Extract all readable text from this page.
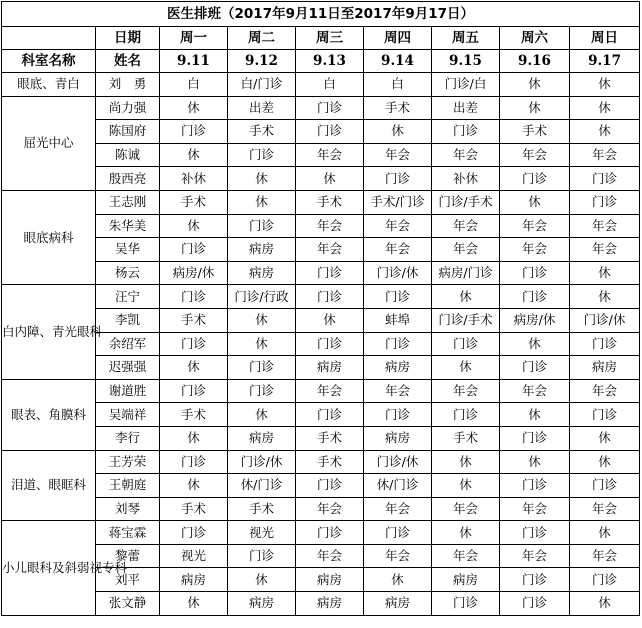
医生排班（2017年9月11日至2017年9月17日）								
	日期	周一	周二	周三	周四	周五	周六	周日
科室名称	姓名	9.11	9.12	9.13	9.14	9.15	9.16	9.17
眼底、青白	刘　勇	白	白/门诊	白	白	门诊/白	休	休
屈光中心	尚力强	休	出差	门诊	手术	出差	休	休
	陈国府	门诊	手术	门诊	休	门诊	手术	休
	陈诚	休	门诊	年会	年会	年会	年会	年会
	殷西亮	补休	休	休	门诊	补休	门诊	门诊
眼底病科	王志刚	手术	休	手术	手术/门诊	门诊/手术	休	门诊
	朱华美	休	门诊	年会	年会	年会	年会	年会
	吴华	门诊	病房	年会	年会	年会	年会	年会
	杨云	病房/休	病房	门诊	门诊/休	病房/门诊	门诊	休
白内障、青光眼科	汪宁	门诊	门诊/行政	门诊	门诊	休	门诊	休
	李凯	手术	休	休	蚌埠	门诊/手术	病房/休	门诊/休
	余绍军	门诊	休	门诊	门诊	门诊	休	门诊
	迟强强	休	门诊	病房	病房	休	门诊	病房
眼表、角膜科	谢道胜	门诊	门诊	年会	年会	年会	年会	年会
	吴端祥	手术	休	门诊	门诊	门诊	休	门诊
	李行	休	病房	手术	病房	手术	门诊	休
泪道、眼眶科	王芳荣	门诊	门诊/休	手术	门诊/休	休	休	休
	王朝庭	休	休/门诊	门诊	休/门诊	休	门诊	门诊
	刘琴	手术	手术	年会	年会	年会	年会	年会
小儿眼科及斜弱视专科	蒋宝霖	门诊	视光	门诊	门诊	休	门诊	休
	黎蕾	视光	门诊	年会	年会	年会	年会	年会
	刘平	病房	休	病房	休	病房	门诊	门诊
	张文静	休	病房	病房	病房	门诊	门诊	休
